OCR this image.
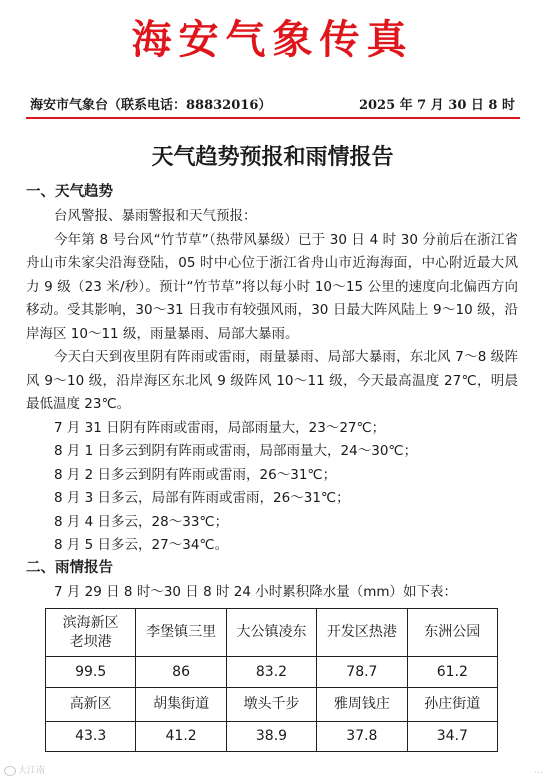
海安气象传真
海安市气象台（联系电话：88832016）	2025 年 7 月 30 日 8 时
天气趋势预报和雨情报告
一、天气趋势

台风警报、暴雨警报和天气预报：

今年第 8 号台风“竹节草”（热带风暴级）已于 30 日 4 时 30 分前后在浙江省舟山市朱家尖沿海登陆，05 时中心位于浙江省舟山市近海海面，中心附近最大风力 9 级（23 米/秒）。预计“竹节草”将以每小时 10～15 公里的速度向北偏西方向移动。受其影响，30～31 日我市有较强风雨，30 日最大阵风陆上 9～10 级，沿岸海区 10～11 级，雨量暴雨、局部大暴雨。

今天白天到夜里阴有阵雨或雷雨，雨量暴雨、局部大暴雨，东北风 7～8 级阵风 9～10 级，沿岸海区东北风 9 级阵风 10～11 级，今天最高温度 27℃，明晨最低温度 23℃。

7 月 31 日阴有阵雨或雷雨，局部雨量大，23～27℃；

8 月 1 日多云到阴有阵雨或雷雨，局部雨量大，24～30℃；

8 月 2 日多云到阴有阵雨或雷雨，26～31℃；

8 月 3 日多云，局部有阵雨或雷雨，26～31℃；

8 月 4 日多云，28～33℃；

8 月 5 日多云，27～34℃。

二、雨情报告
7 月 29 日 8 时～30 日 8 时 24 小时累积降水量（mm）如下表：
滨海新区老坝港	李堡镇三里	大公镇凌东	开发区热港	东洲公园
99.5	86	83.2	78.7	61.2
高新区	胡集街道	墩头千步	雅周钱庄	孙庄街道
43.3	41.2	38.9	37.8	34.7
大江南	…
